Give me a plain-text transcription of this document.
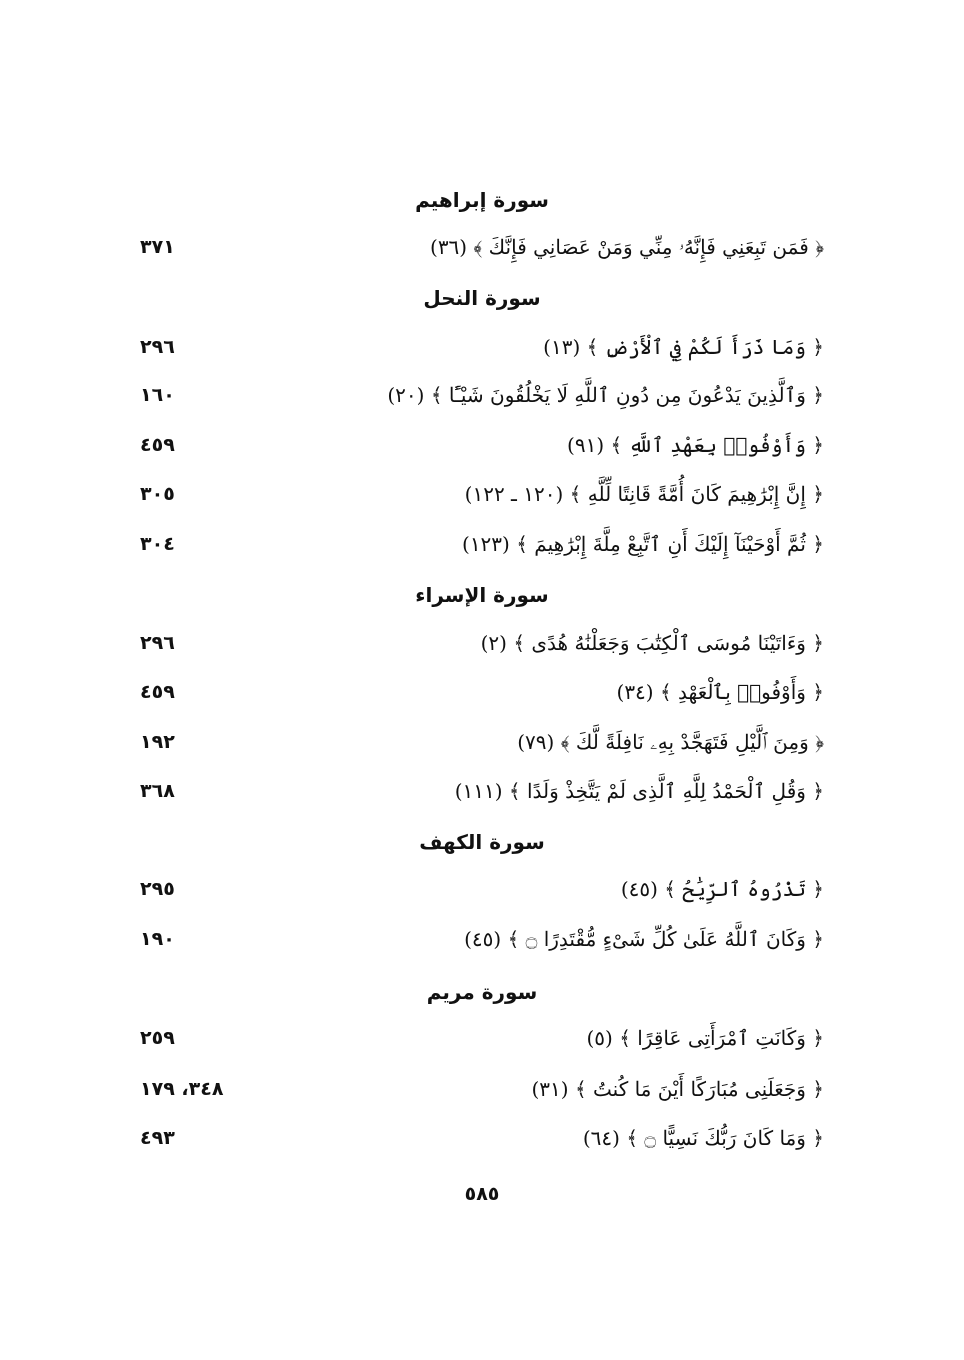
سورة إبراهيم
﴿ فَمَن تَبِعَنِي فَإِنَّهُۥ مِنِّي وَمَنْ عَصَانِي فَإِنَّكَ ﴾ (٣٦)
٣٧١
سورة النحل
﴿ وَمَا ذَرَأَ لَكُمْ فِي ٱلْأَرْضِ ﴾ (١٣)
٢٩٦
﴿ وَٱلَّذِينَ يَدْعُونَ مِن دُونِ ٱللَّهِ لَا يَخْلُقُونَ شَيْـًٔا ﴾ (٢٠)
١٦٠
﴿ وَأَوْفُوا۟ بِعَهْدِ ٱللَّهِ ﴾ (٩١)
٤٥٩
﴿ إِنَّ إِبْرَٰهِيمَ كَانَ أُمَّةً قَانِتًا لِّلَّهِ ﴾ (١٢٠ ـ ١٢٢)
٣٠٥
﴿ ثُمَّ أَوْحَيْنَآ إِلَيْكَ أَنِ ٱتَّبِعْ مِلَّةَ إِبْرَٰهِيمَ ﴾ (١٢٣)
٣٠٤
سورة الإسراء
﴿ وَءَاتَيْنَا مُوسَى ٱلْكِتَٰبَ وَجَعَلْنَٰهُ هُدًى ﴾ (٢)
٢٩٦
﴿ وَأَوْفُوا۟ بِٱلْعَهْدِ ﴾ (٣٤)
٤٥٩
﴿ وَمِنَ ٱلَّيْلِ فَتَهَجَّدْ بِهِۦ نَافِلَةً لَّكَ ﴾ (٧٩)
١٩٢
﴿ وَقُلِ ٱلْحَمْدُ لِلَّهِ ٱلَّذِى لَمْ يَتَّخِذْ وَلَدًا ﴾ (١١١)
٣٦٨
سورة الكهف
﴿ تَذْرُوهُ ٱلرِّيَٰحُ ﴾ (٤٥)
٢٩٥
﴿ وَكَانَ ٱللَّهُ عَلَىٰ كُلِّ شَىْءٍ مُّقْتَدِرًا ۝ ﴾ (٤٥)
١٩٠
سورة مريم
﴿ وَكَانَتِ ٱمْرَأَتِى عَاقِرًا ﴾ (٥)
٢٥٩
﴿ وَجَعَلَنِى مُبَارَكًا أَيْنَ مَا كُنتُ ﴾ (٣١)
٣٤٨، ١٧٩
﴿ وَمَا كَانَ رَبُّكَ نَسِيًّا ۝ ﴾ (٦٤)
٤٩٣
٥٨٥
